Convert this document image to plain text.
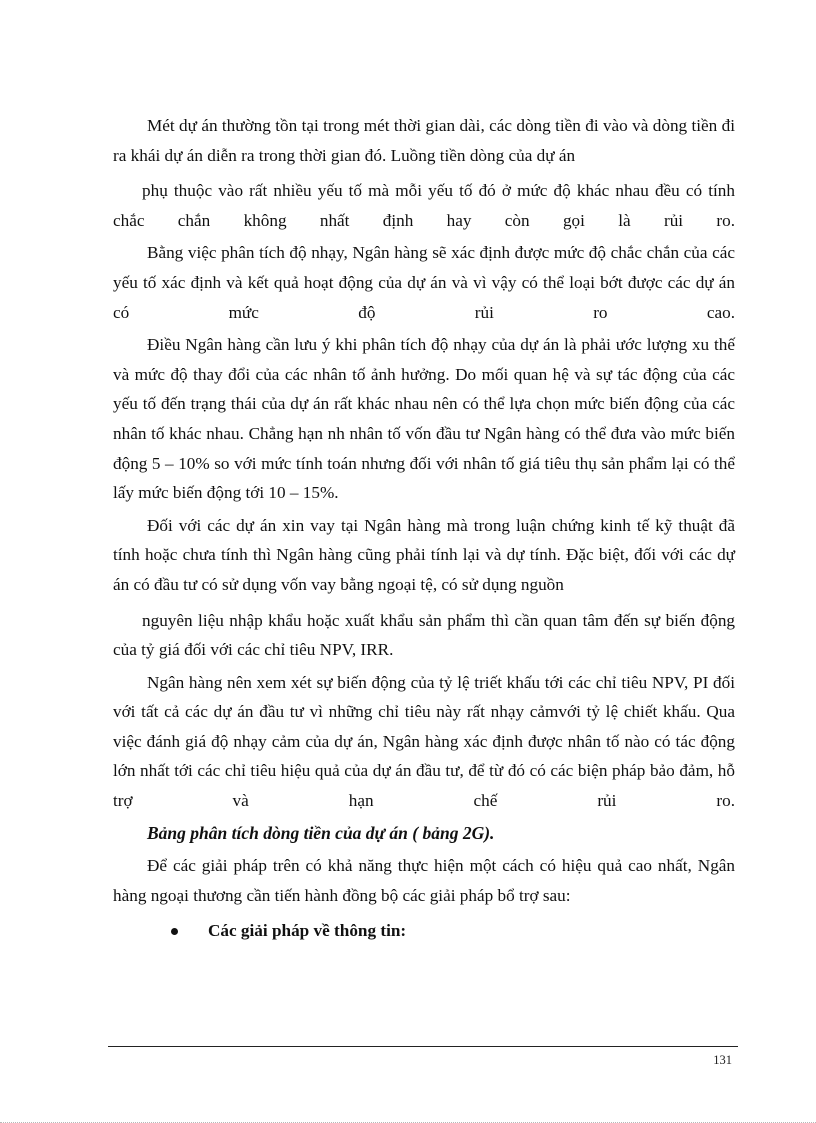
Mét dự án thường tồn tại trong mét thời gian dài, các dòng tiền đi vào và dòng tiền đi ra khái dự án diễn ra trong thời gian đó. Luồng tiền dòng của dự án

phụ thuộc vào rất nhiều yếu tố mà mỗi yếu tố đó ở mức độ khác nhau đều có tính chắc chắn không nhất định hay còn gọi là rủi ro.

Bằng việc phân tích độ nhạy, Ngân hàng sẽ xác định được mức độ chắc chắn của các yếu tố xác định và kết quả hoạt động của dự án và vì vậy có thể loại bớt được các dự án có mức độ rủi ro cao.

Điều Ngân hàng cần lưu ý khi phân tích độ nhạy của dự án là phải ước lượng xu thế và mức độ thay đổi của các nhân tố ảnh hưởng. Do mối quan hệ và sự tác động của các yếu tố đến trạng thái của dự án rất khác nhau nên có thể lựa chọn mức biến động của các nhân tố khác nhau. Chẳng hạn nh nhân tố vốn đầu tư Ngân hàng có thể đưa vào mức biến động 5 – 10% so với mức tính toán nhưng đối với nhân tố giá tiêu thụ sản phẩm lại có thể lấy mức biến động tới 10 – 15%.

Đối với các dự án xin vay tại Ngân hàng mà trong luận chứng kinh tế kỹ thuật đã tính hoặc chưa tính thì Ngân hàng cũng phải tính lại và dự tính. Đặc biệt, đối với các dự án có đầu tư có sử dụng vốn vay bằng ngoại tệ, có sử dụng nguồn

nguyên liệu nhập khẩu hoặc xuất khẩu sản phẩm thì cần quan tâm đến sự biến động của tỷ giá đối với các chỉ tiêu NPV, IRR.

Ngân hàng nên xem xét sự biến động của tỷ lệ triết khấu tới các chỉ tiêu NPV, PI đối với tất cả các dự án đầu tư vì những chỉ tiêu này rất nhạy cảmvới tỷ lệ chiết khấu. Qua việc đánh giá độ nhạy cảm của dự án, Ngân hàng xác định được nhân tố nào có tác động lớn nhất tới các chỉ tiêu hiệu quả của dự án đầu tư, để từ đó có các biện pháp bảo đảm, hỗ trợ và hạn chế rủi ro.

Bảng phân tích dòng tiền của dự án ( bảng 2G).

Để các giải pháp trên có khả năng thực hiện một cách có hiệu quả cao nhất, Ngân hàng ngoại thương cần tiến hành đồng bộ các giải pháp bổ trợ sau:

Các giải pháp về thông tin:
131
